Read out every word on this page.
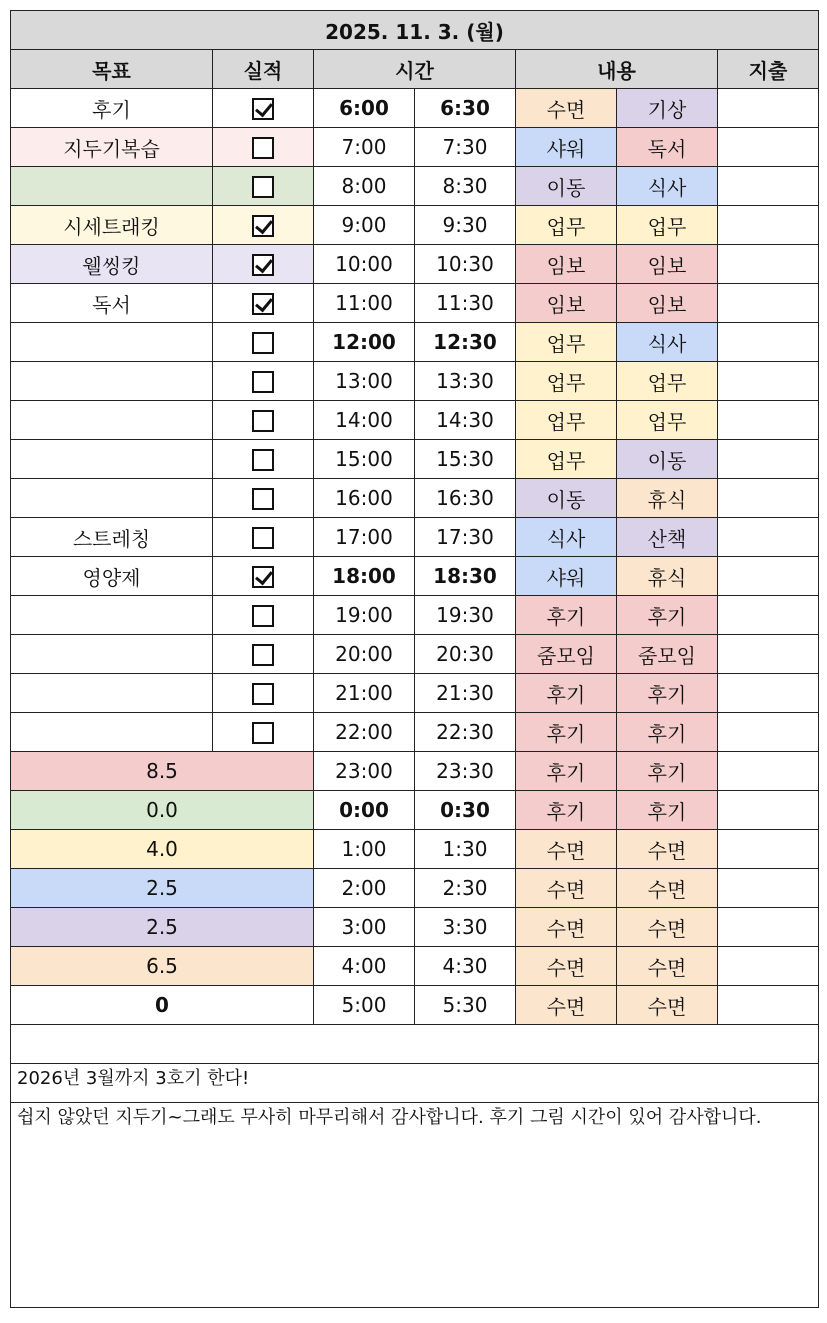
2025. 11. 3. (월)						
목표	실적	시간		내용		지출
후기		6:00	6:30	수면	기상	
지두기복습		7:00	7:30	샤워	독서	
		8:00	8:30	이동	식사	
시세트래킹		9:00	9:30	업무	업무	
웰씽킹		10:00	10:30	임보	임보	
독서		11:00	11:30	임보	임보	
		12:00	12:30	업무	식사	
		13:00	13:30	업무	업무	
		14:00	14:30	업무	업무	
		15:00	15:30	업무	이동	
		16:00	16:30	이동	휴식	
스트레칭		17:00	17:30	식사	산책	
영양제		18:00	18:30	샤워	휴식	
		19:00	19:30	후기	후기	
		20:00	20:30	줌모임	줌모임	
		21:00	21:30	후기	후기	
		22:00	22:30	후기	후기	
8.5		23:00	23:30	후기	후기	
0.0		0:00	0:30	후기	후기	
4.0		1:00	1:30	수면	수면	
2.5		2:00	2:30	수면	수면	
2.5		3:00	3:30	수면	수면	
6.5		4:00	4:30	수면	수면	
0		5:00	5:30	수면	수면	

2026년 3월까지 3호기 한다!						
쉽지 않았던 지두기~그래도 무사히 마무리해서 감사합니다. 후기 그림 시간이 있어 감사합니다.						
